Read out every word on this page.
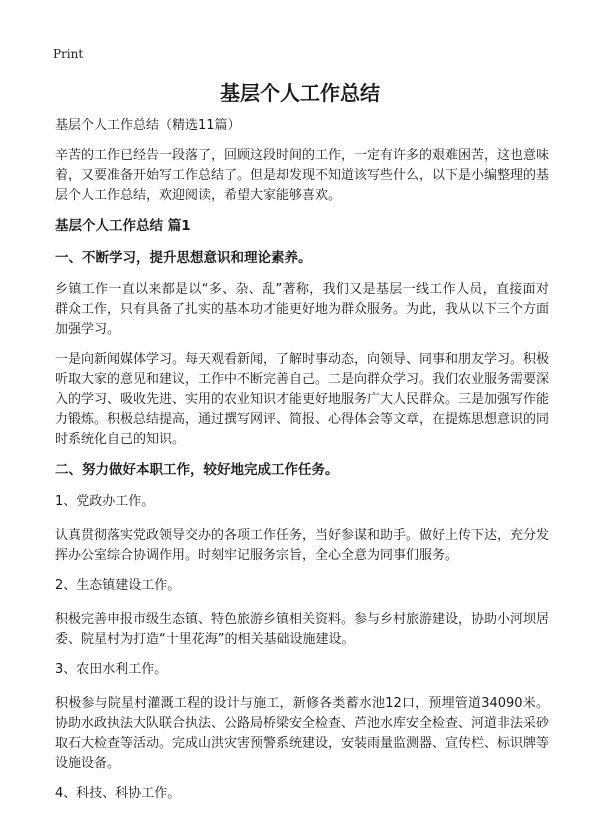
Print
基层个人工作总结

基层个人工作总结（精选11篇）

辛苦的工作已经告一段落了，回顾这段时间的工作，一定有许多的艰难困苦，这也意味着，又要准备开始写工作总结了。但是却发现不知道该写些什么，以下是小编整理的基层个人工作总结，欢迎阅读，希望大家能够喜欢。

基层个人工作总结 篇1
一、不断学习，提升思想意识和理论素养。

乡镇工作一直以来都是以“多、杂、乱”著称，我们又是基层一线工作人员，直接面对群众工作，只有具备了扎实的基本功才能更好地为群众服务。为此，我从以下三个方面加强学习。

一是向新闻媒体学习。每天观看新闻，了解时事动态，向领导、同事和朋友学习。积极听取大家的意见和建议，工作中不断完善自己。二是向群众学习。我们农业服务需要深入的学习、吸收先进、实用的农业知识才能更好地服务广大人民群众。三是加强写作能力锻炼。积极总结提高，通过撰写网评、简报、心得体会等文章，在提炼思想意识的同时系统化自己的知识。

二、努力做好本职工作，较好地完成工作任务。

1、党政办工作。

认真贯彻落实党政领导交办的各项工作任务，当好参谋和助手。做好上传下达，充分发挥办公室综合协调作用。时刻牢记服务宗旨，全心全意为同事们服务。

2、生态镇建设工作。

积极完善申报市级生态镇、特色旅游乡镇相关资料。参与乡村旅游建设，协助小河坝居委、院星村为打造“十里花海”的相关基础设施建设。

3、农田水利工作。

积极参与院星村灌溉工程的设计与施工，新修各类蓄水池12口，预埋管道34090米。协助水政执法大队联合执法、公路局桥梁安全检查、芦池水库安全检查、河道非法采砂取石大检查等活动。完成山洪灾害预警系统建设，安装雨量监测器、宣传栏、标识牌等设施设备。

4、科技、科协工作。
